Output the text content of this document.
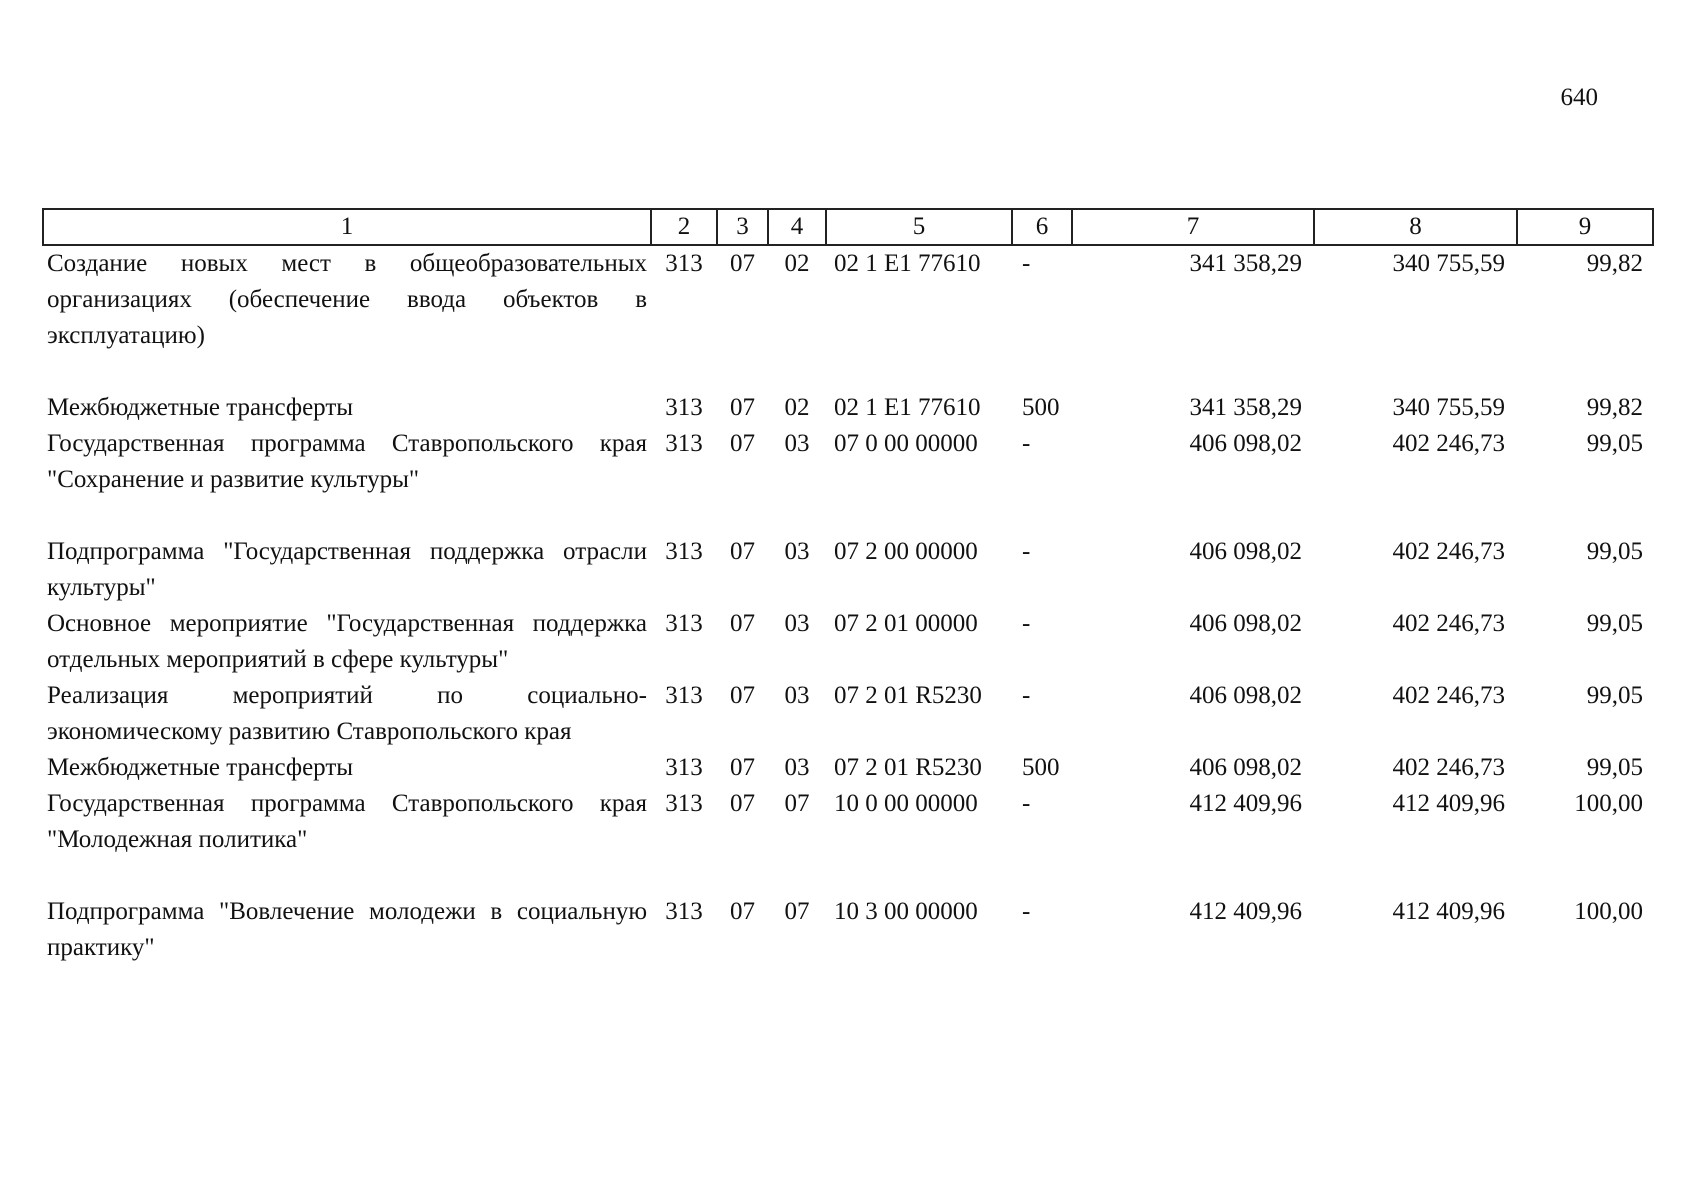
640
1	2	3	4	5	6	7	8	9
Создание новых мест в общеобразовательных организациях (обеспечение ввода объектов в эксплуатацию)	313	07	02	02 1 E1 77610	-	341 358,29	340 755,59	99,82
Межбюджетные трансферты	313	07	02	02 1 E1 77610	500	341 358,29	340 755,59	99,82
Государственная программа Ставропольского края "Сохранение и развитие культуры"	313	07	03	07 0 00 00000	-	406 098,02	402 246,73	99,05
Подпрограмма "Государственная поддержка отрасли культуры"	313	07	03	07 2 00 00000	-	406 098,02	402 246,73	99,05
Основное мероприятие "Государственная поддержка отдельных мероприятий в сфере культуры"	313	07	03	07 2 01 00000	-	406 098,02	402 246,73	99,05
Реализация мероприятий по социально-экономическому развитию Ставропольского края	313	07	03	07 2 01 R5230	-	406 098,02	402 246,73	99,05
Межбюджетные трансферты	313	07	03	07 2 01 R5230	500	406 098,02	402 246,73	99,05
Государственная программа Ставропольского края "Молодежная политика"	313	07	07	10 0 00 00000	-	412 409,96	412 409,96	100,00
Подпрограмма "Вовлечение молодежи в социальную практику"	313	07	07	10 3 00 00000	-	412 409,96	412 409,96	100,00
